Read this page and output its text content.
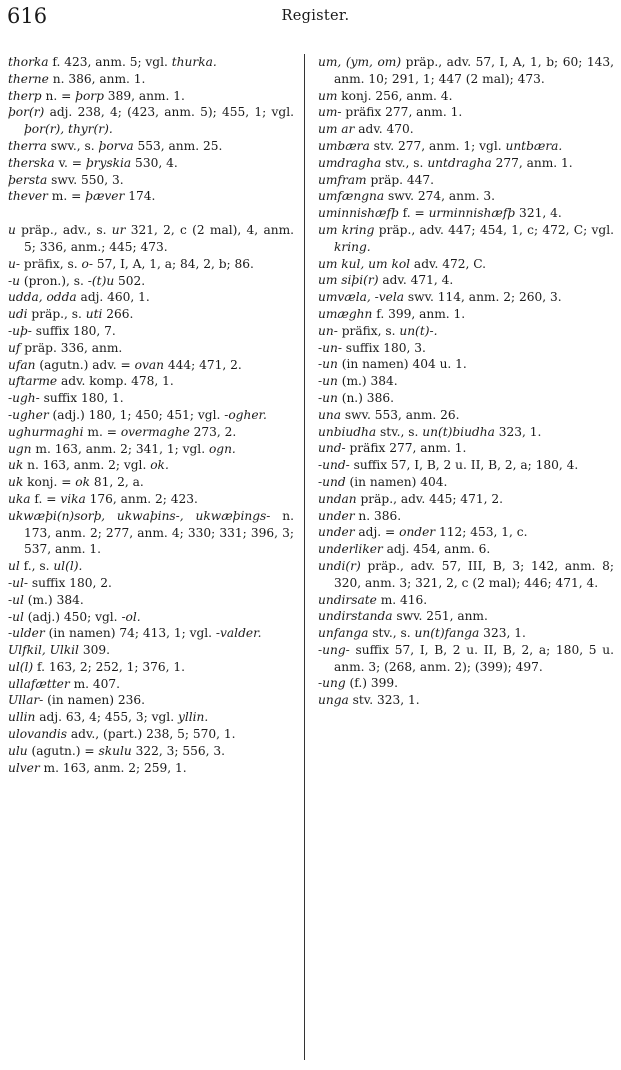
616	Register.
thorka f. 423, anm. 5; vgl. thurka.
therne n. 386, anm. 1.
therp n. = þorp 389, anm. 1.
þor(r) adj. 238, 4; (423, anm. 5); 455, 1; vgl. þor(r), thyr(r).
therra swv., s. þorva 553, anm. 25.
therska v. = þryskia 530, 4.
þersta swv. 550, 3.
thever m. = þæver 174.
u präp., adv., s. ur 321, 2, c (2 mal), 4, anm. 5; 336, anm.; 445; 473.
u- präfix, s. o- 57, I, A, 1, a; 84, 2, b; 86.
-u (pron.), s. -(t)u 502.
udda, odda adj. 460, 1.
udi präp., s. uti 266.
-uþ- suffix 180, 7.
uf präp. 336, anm.
ufan (agutn.) adv. = ovan 444; 471, 2.
uftarme adv. komp. 478, 1.
-ugh- suffix 180, 1.
-ugher (adj.) 180, 1; 450; 451; vgl. -ogher.
ughurmaghi m. = overmaghe 273, 2.
ugn m. 163, anm. 2; 341, 1; vgl. ogn.
uk n. 163, anm. 2; vgl. ok.
uk konj. = ok 81, 2, a.
uka f. = vika 176, anm. 2; 423.
ukwæþi(n)sorþ, ukwaþins-, ukwæþings- n. 173, anm. 2; 277, anm. 4; 330; 331; 396, 3; 537, anm. 1.
ul f., s. ul(l).
-ul- suffix 180, 2.
-ul (m.) 384.
-ul (adj.) 450; vgl. -ol.
-ulder (in namen) 74; 413, 1; vgl. -valder.
Ulfkil, Ulkil 309.
ul(l) f. 163, 2; 252, 1; 376, 1.
ullafætter m. 407.
Ullar- (in namen) 236.
ullin adj. 63, 4; 455, 3; vgl. yllin.
ulovandis adv., (part.) 238, 5; 570, 1.
ulu (agutn.) = skulu 322, 3; 556, 3.
ulver m. 163, anm. 2; 259, 1.
um, (ym, om) präp., adv. 57, I, A, 1, b; 60; 143, anm. 10; 291, 1; 447 (2 mal); 473.
um konj. 256, anm. 4.
um- präfix 277, anm. 1.
um ar adv. 470.
umbæra stv. 277, anm. 1; vgl. untbæra.
umdragha stv., s. untdragha 277, anm. 1.
umfram präp. 447.
umfængna swv. 274, anm. 3.
uminnishæfþ f. = urminnishæfþ 321, 4.
um kring präp., adv. 447; 454, 1, c; 472, C; vgl. kring.
um kul, um kol adv. 472, C.
um siþi(r) adv. 471, 4.
umvæla, -vela swv. 114, anm. 2; 260, 3.
umæghn f. 399, anm. 1.
un- präfix, s. un(t)-.
-un- suffix 180, 3.
-un (in namen) 404 u. 1.
-un (m.) 384.
-un (n.) 386.
una swv. 553, anm. 26.
unbiudha stv., s. un(t)biudha 323, 1.
und- präfix 277, anm. 1.
-und- suffix 57, I, B, 2 u. II, B, 2, a; 180, 4.
-und (in namen) 404.
undan präp., adv. 445; 471, 2.
under n. 386.
under adj. = onder 112; 453, 1, c.
underliker adj. 454, anm. 6.
undi(r) präp., adv. 57, III, B, 3; 142, anm. 8; 320, anm. 3; 321, 2, c (2 mal); 446; 471, 4.
undirsate m. 416.
undirstanda swv. 251, anm.
unfanga stv., s. un(t)fanga 323, 1.
-ung- suffix 57, I, B, 2 u. II, B, 2, a; 180, 5 u. anm. 3; (268, anm. 2); (399); 497.
-ung (f.) 399.
unga stv. 323, 1.
